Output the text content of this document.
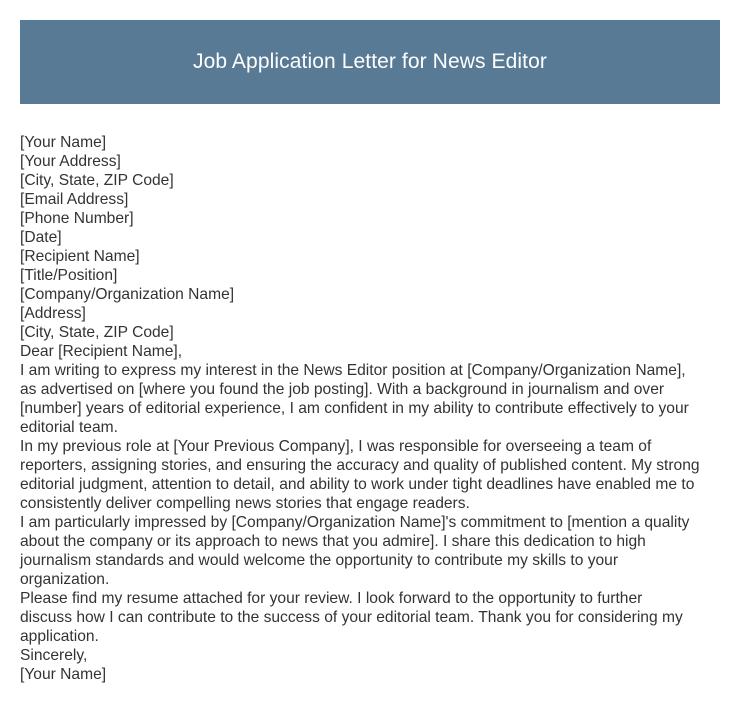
Job Application Letter for News Editor
[Your Name]
[Your Address]
[City, State, ZIP Code]
[Email Address]
[Phone Number]
[Date]
[Recipient Name]
[Title/Position]
[Company/Organization Name]
[Address]
[City, State, ZIP Code]
Dear [Recipient Name],
I am writing to express my interest in the News Editor position at [Company/Organization Name],
as advertised on [where you found the job posting]. With a background in journalism and over
[number] years of editorial experience, I am confident in my ability to contribute effectively to your
editorial team.
In my previous role at [Your Previous Company], I was responsible for overseeing a team of
reporters, assigning stories, and ensuring the accuracy and quality of published content. My strong
editorial judgment, attention to detail, and ability to work under tight deadlines have enabled me to
consistently deliver compelling news stories that engage readers.
I am particularly impressed by [Company/Organization Name]'s commitment to [mention a quality
about the company or its approach to news that you admire]. I share this dedication to high
journalism standards and would welcome the opportunity to contribute my skills to your
organization.
Please find my resume attached for your review. I look forward to the opportunity to further
discuss how I can contribute to the success of your editorial team. Thank you for considering my
application.
Sincerely,
[Your Name]
